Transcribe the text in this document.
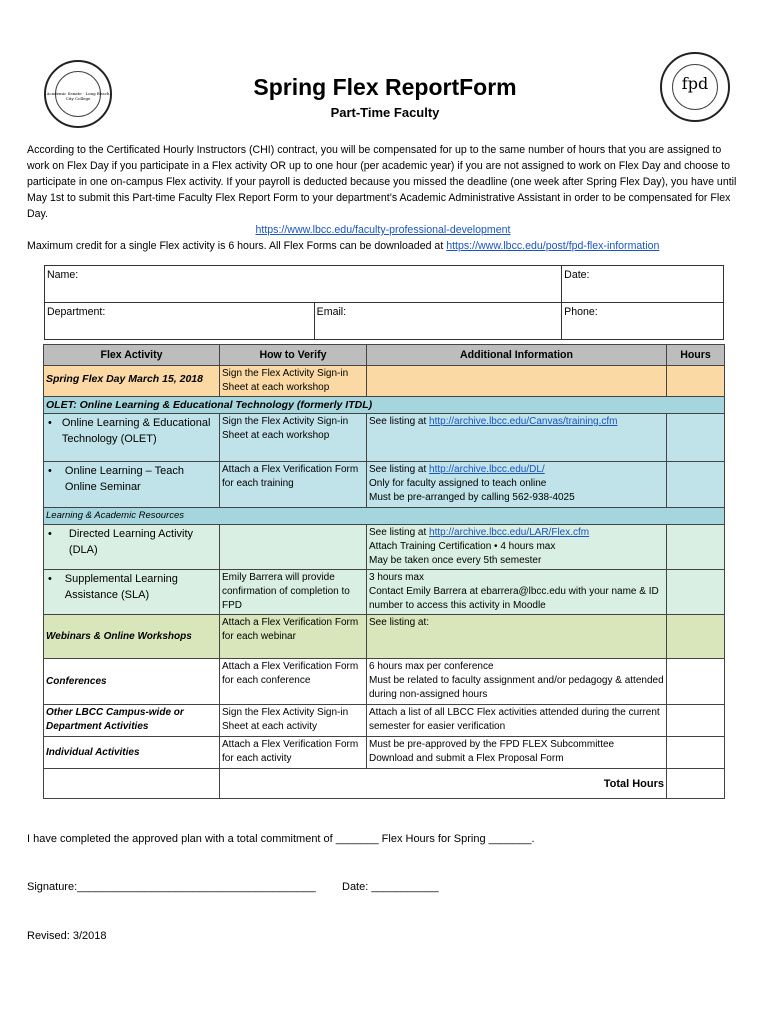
Academic Senate · Long Beach City College
fpd
Spring Flex ReportForm
Part-Time Faculty
According to the Certificated Hourly Instructors (CHI) contract, you will be compensated for up to the same number of hours that you are assigned to work on Flex Day if you participate in a Flex activity OR up to one hour (per academic year) if you are not assigned to work on Flex Day and choose to participate in one on-campus Flex activity. If your payroll is deducted because you missed the deadline (one week after Spring Flex Day), you have until May 1st to submit this Part-time Faculty Flex Report Form to your department’s Academic Administrative Assistant in order to be compensated for Flex Day.
https://www.lbcc.edu/faculty-professional-development
Maximum credit for a single Flex activity is 6 hours. All Flex Forms can be downloaded at https://www.lbcc.edu/post/fpd-flex-information
Name:		Date:
Department:	Email:	Phone:
Flex Activity	How to Verify	Additional Information	Hours
Spring Flex Day March 15, 2018	Sign the Flex Activity Sign-in Sheet at each workshop		
OLET: Online Learning & Educational Technology (formerly ITDL)			

• Online Learning & Educational Technology (OLET)	Sign the Flex Activity Sign-in Sheet at each workshop	See listing at http://archive.lbcc.edu/Canvas/training.cfm	

• Online Learning – Teach Online Seminar	Attach a Flex Verification Form for each training	See listing at http://archive.lbcc.edu/DL/
Only for faculty assigned to teach online
Must be pre-arranged by calling 562-938-4025	

Learning & Academic Resources			

• Directed Learning Activity (DLA)		See listing at http://archive.lbcc.edu/LAR/Flex.cfm
Attach Training Certification • 4 hours max
May be taken once every 5th semester	

• Supplemental Learning Assistance (SLA)	Emily Barrera will provide confirmation of completion to FPD	3 hours max
Contact Emily Barrera at ebarrera@lbcc.edu with your name & ID number to access this activity in Moodle	

Webinars & Online Workshops	Attach a Flex Verification Form for each webinar	See listing at:	
Conferences	Attach a Flex Verification Form for each conference	6 hours max per conference
Must be related to faculty assignment and/or pedagogy & attended during non-assigned hours	
Other LBCC Campus-wide or Department Activities	Sign the Flex Activity Sign-in Sheet at each activity	Attach a list of all LBCC Flex activities attended during the current semester for easier verification	
Individual Activities	Attach a Flex Verification Form for each activity	Must be pre-approved by the FPD FLEX Subcommittee
Download and submit a Flex Proposal Form	
	Total Hours		
I have completed the approved plan with a total commitment of _______ Flex Hours for Spring _______.
Signature:_______________________________________ Date: ___________
Revised: 3/2018
